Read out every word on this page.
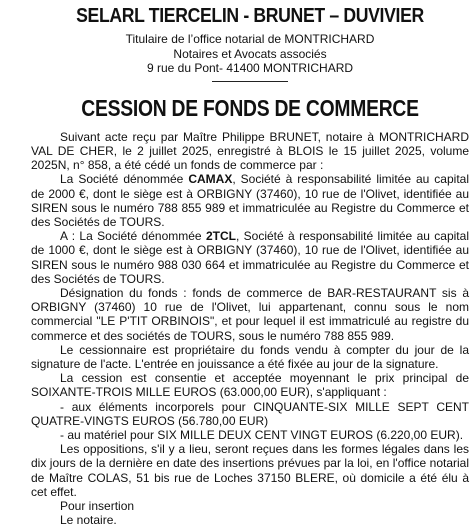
SELARL TIERCELIN - BRUNET – DUVIVIER
Titulaire de l’office notarial de MONTRICHARD
Notaires et Avocats associés
9 rue du Pont- 41400 MONTRICHARD
CESSION DE FONDS DE COMMERCE

Suivant acte reçu par Maître Philippe BRUNET, notaire à MONTRICHARD VAL DE CHER, le 2 juillet 2025, enregistré à BLOIS le 15 juillet 2025, volume 2025N, n° 858, a été cédé un fonds de commerce par :

La Société dénommée CAMAX, Société à responsabilité limitée au capital de 2000 €, dont le siège est à ORBIGNY (37460), 10 rue de l'Olivet, identifiée au SIREN sous le numéro 788 855 989 et immatriculée au Registre du Commerce et des Sociétés de TOURS.

A : La Société dénommée 2TCL, Société à responsabilité limitée au capital de 1000 €, dont le siège est à ORBIGNY (37460), 10 rue de l'Olivet, identifiée au SIREN sous le numéro 988 030 664 et immatriculée au Registre du Commerce et des Sociétés de TOURS.

Désignation du fonds : fonds de commerce de BAR-RESTAURANT sis à ORBIGNY (37460) 10 rue de l'Olivet, lui appartenant, connu sous le nom commercial "LE P'TIT ORBINOIS", et pour lequel il est immatriculé au registre du commerce et des sociétés de TOURS, sous le numéro 788 855 989.

Le cessionnaire est propriétaire du fonds vendu à compter du jour de la signature de l'acte. L'entrée en jouissance a été fixée au jour de la signature.

La cession est consentie et acceptée moyennant le prix principal de SOIXANTE-TROIS MILLE EUROS (63.000,00 EUR), s'appliquant :

- aux éléments incorporels pour CINQUANTE-SIX MILLE SEPT CENT QUATRE-VINGTS EUROS (56.780,00 EUR)

- au matériel pour SIX MILLE DEUX CENT VINGT EUROS (6.220,00 EUR).

Les oppositions, s'il y a lieu, seront reçues dans les formes légales dans les dix jours de la dernière en date des insertions prévues par la loi, en l'office notarial de Maître COLAS, 51 bis rue de Loches 37150 BLERE, où domicile a été élu à cet effet.

Pour insertion

Le notaire.
